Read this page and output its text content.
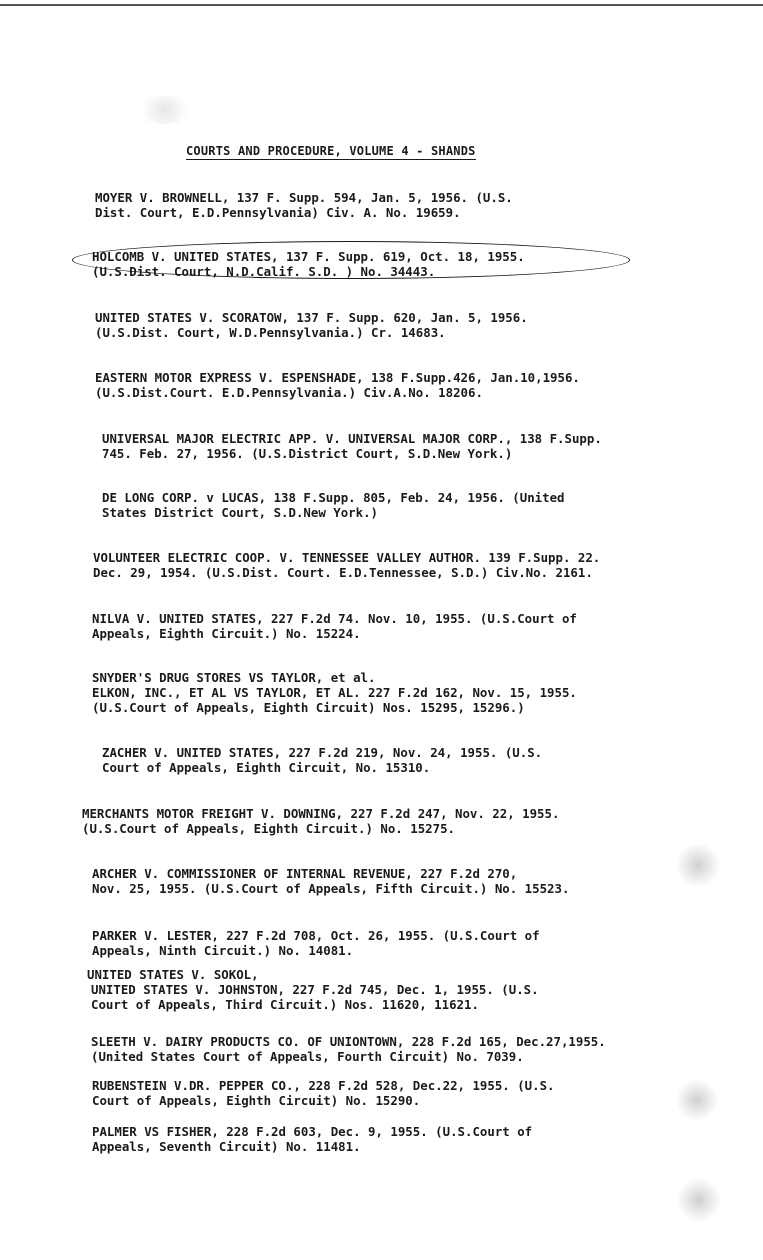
COURTS AND PROCEDURE, VOLUME 4 - SHANDS
MOYER V. BROWNELL, 137 F. Supp. 594, Jan. 5, 1956. (U.S.
Dist. Court, E.D.Pennsylvania) Civ. A. No. 19659.
HOLCOMB V. UNITED STATES, 137 F. Supp. 619, Oct. 18, 1955.
(U.S.Dist. Court, N.D.Calif. S.D. ) No. 34443.
UNITED STATES V. SCORATOW, 137 F. Supp. 620, Jan. 5, 1956.
(U.S.Dist. Court, W.D.Pennsylvania.) Cr. 14683.
EASTERN MOTOR EXPRESS V. ESPENSHADE, 138 F.Supp.426, Jan.10,1956.
(U.S.Dist.Court. E.D.Pennsylvania.) Civ.A.No. 18206.
UNIVERSAL MAJOR ELECTRIC APP. V. UNIVERSAL MAJOR CORP., 138 F.Supp.
745. Feb. 27, 1956. (U.S.District Court, S.D.New York.)
DE LONG CORP. v LUCAS, 138 F.Supp. 805, Feb. 24, 1956. (United
States District Court, S.D.New York.)
VOLUNTEER ELECTRIC COOP. V. TENNESSEE VALLEY AUTHOR. 139 F.Supp. 22.
Dec. 29, 1954. (U.S.Dist. Court. E.D.Tennessee, S.D.) Civ.No. 2161.
NILVA V. UNITED STATES, 227 F.2d 74. Nov. 10, 1955. (U.S.Court of
Appeals, Eighth Circuit.) No. 15224.
SNYDER'S DRUG STORES VS TAYLOR, et al.
ELKON, INC., ET AL VS TAYLOR, ET AL. 227 F.2d 162, Nov. 15, 1955.
(U.S.Court of Appeals, Eighth Circuit) Nos. 15295, 15296.)
ZACHER V. UNITED STATES, 227 F.2d 219, Nov. 24, 1955. (U.S.
Court of Appeals, Eighth Circuit, No. 15310.
MERCHANTS MOTOR FREIGHT V. DOWNING, 227 F.2d 247, Nov. 22, 1955.
(U.S.Court of Appeals, Eighth Circuit.) No. 15275.
ARCHER V. COMMISSIONER OF INTERNAL REVENUE, 227 F.2d 270,
Nov. 25, 1955. (U.S.Court of Appeals, Fifth Circuit.) No. 15523.
PARKER V. LESTER, 227 F.2d 708, Oct. 26, 1955. (U.S.Court of
Appeals, Ninth Circuit.) No. 14081.
UNITED STATES V. SOKOL,
UNITED STATES V. JOHNSTON, 227 F.2d 745, Dec. 1, 1955. (U.S.
Court of Appeals, Third Circuit.) Nos. 11620, 11621.
SLEETH V. DAIRY PRODUCTS CO. OF UNIONTOWN, 228 F.2d 165, Dec.27,1955.
(United States Court of Appeals, Fourth Circuit) No. 7039.
RUBENSTEIN V.DR. PEPPER CO., 228 F.2d 528, Dec.22, 1955. (U.S.
Court of Appeals, Eighth Circuit) No. 15290.
PALMER VS FISHER, 228 F.2d 603, Dec. 9, 1955. (U.S.Court of
Appeals, Seventh Circuit) No. 11481.
